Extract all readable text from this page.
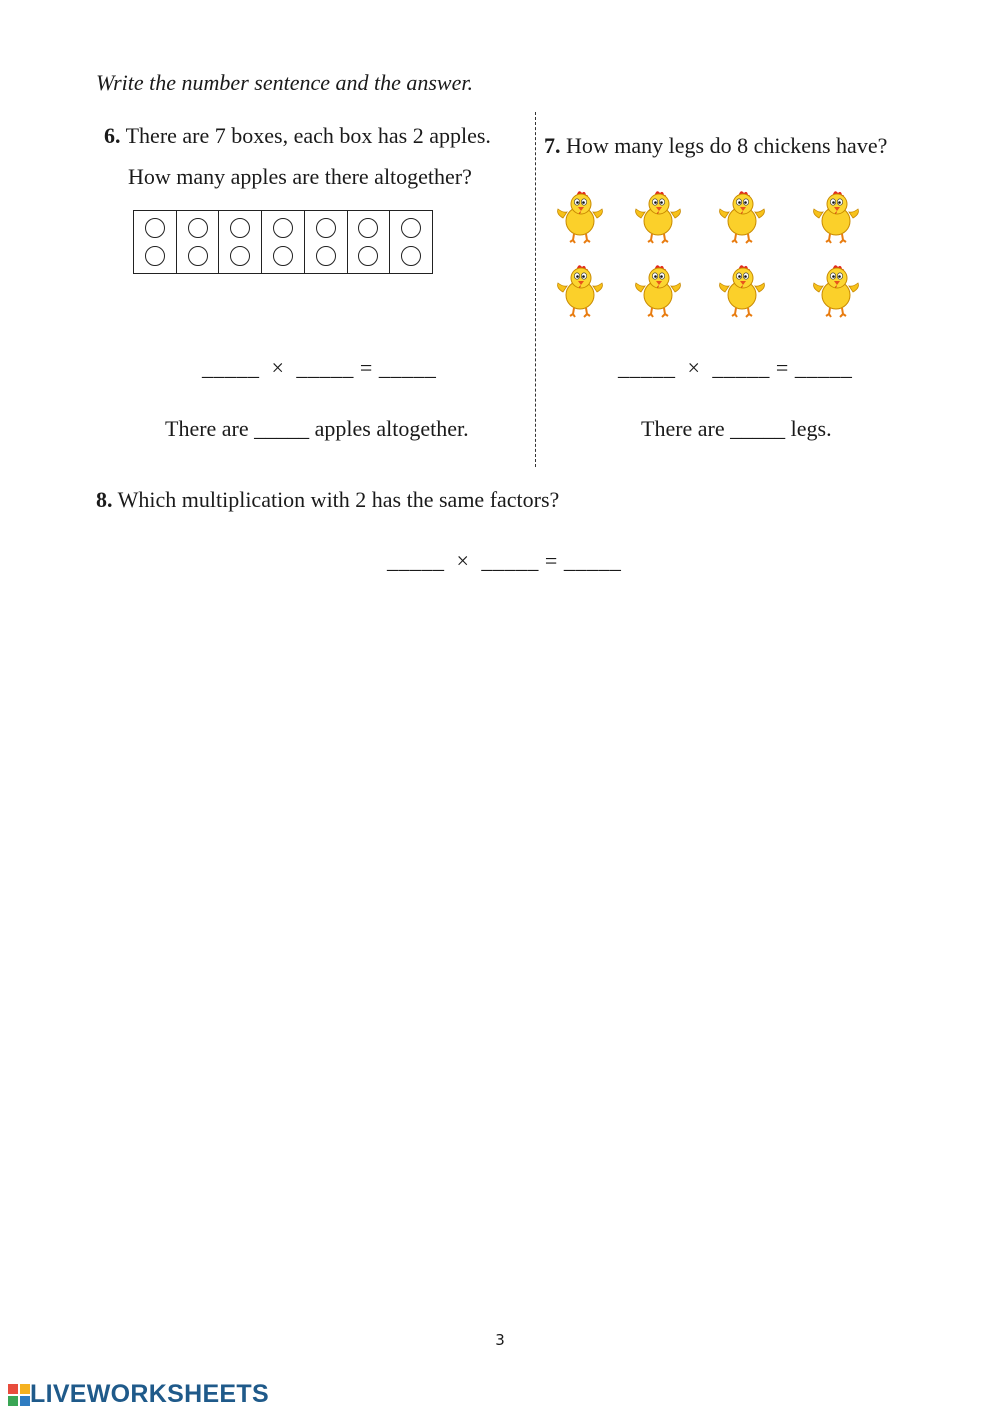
Write the number sentence and the answer.
6. There are 7 boxes, each box has 2 apples.
How many apples are there altogether?
_____ × _____ = _____
There are _____ apples altogether.
7. How many legs do 8 chickens have?
_____ × _____ = _____
There are _____ legs.
8. Which multiplication with 2 has the same factors?
_____ × _____ = _____
3
LIVEWORKSHEETS
